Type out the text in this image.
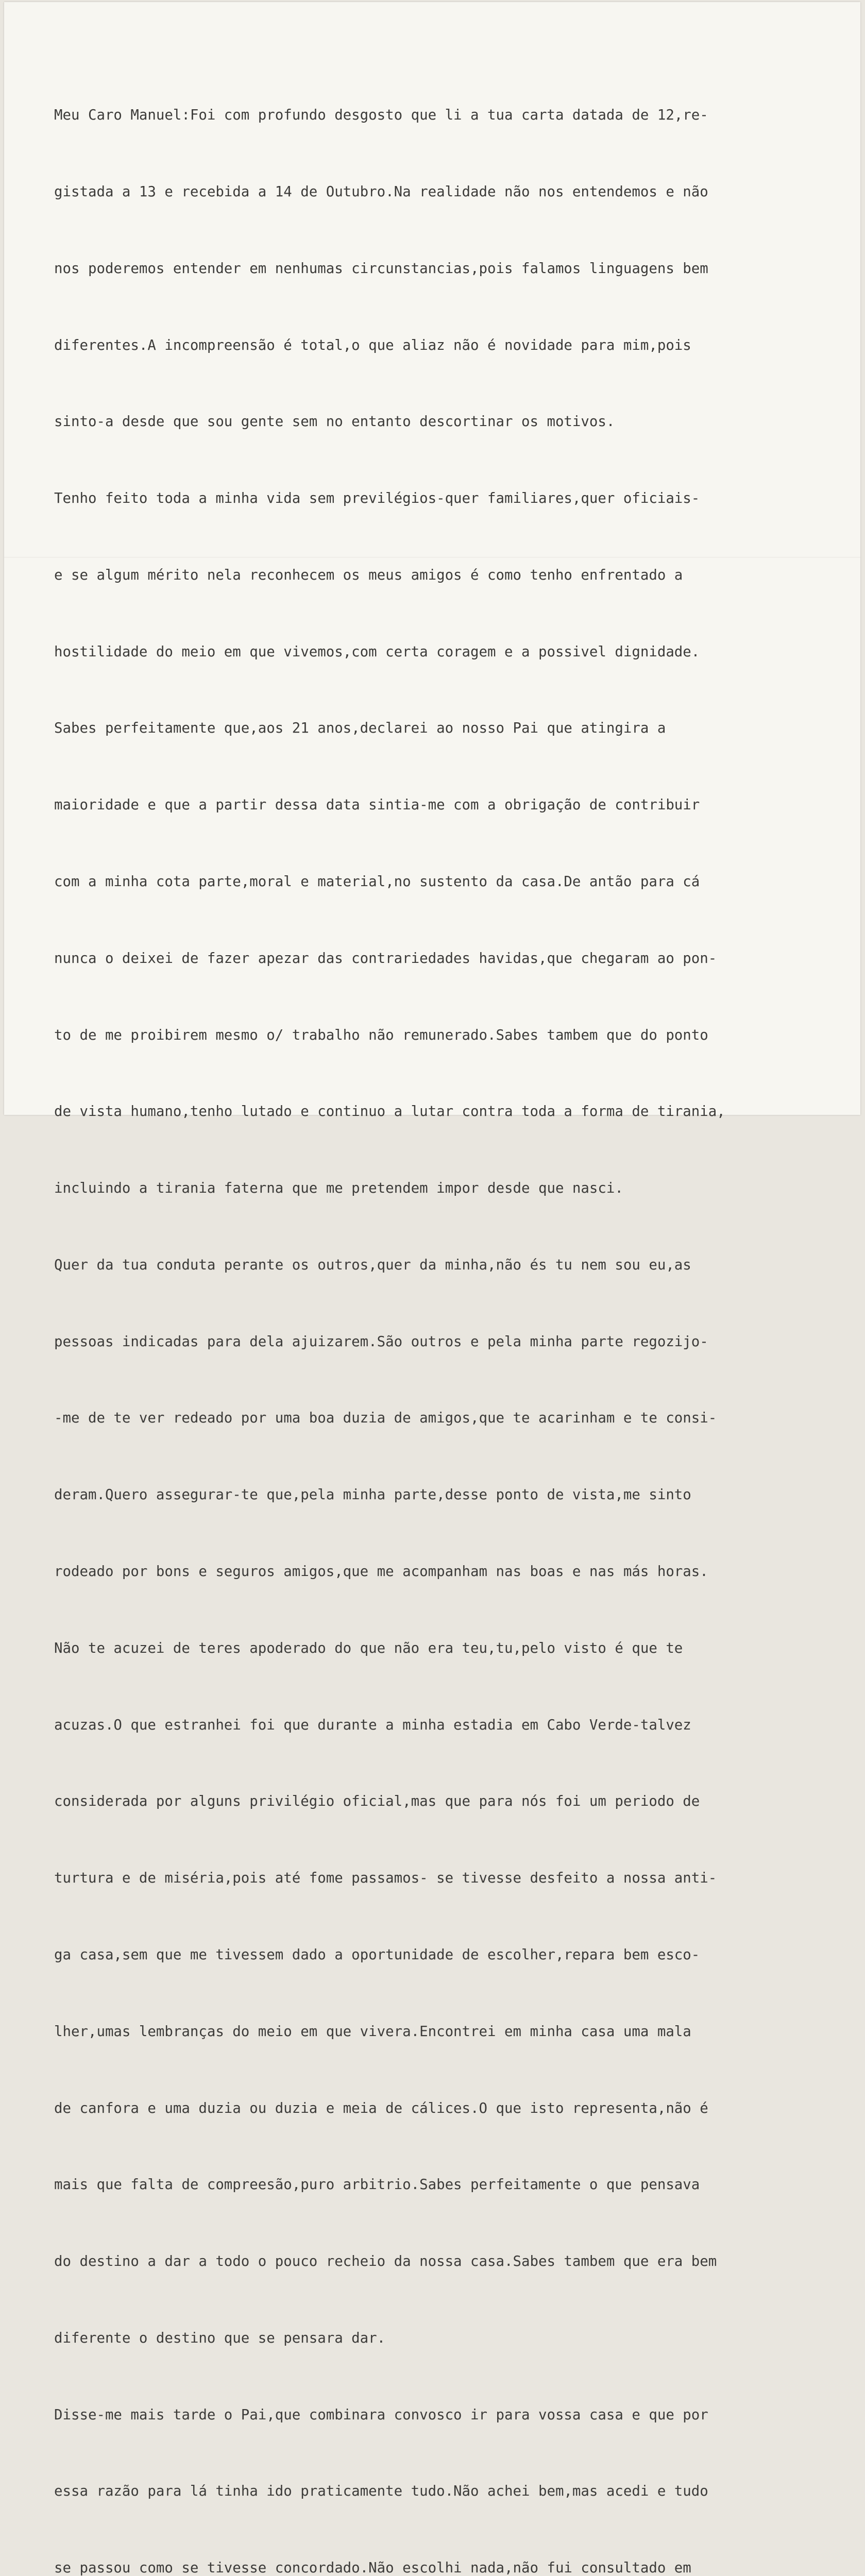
Meu Caro Manuel:Foi com profundo desgosto que li a tua carta datada de 12,re-

gistada a 13 e recebida a 14 de Outubro.Na realidade não nos entendemos e não

nos poderemos entender em nenhumas circunstancias,pois falamos linguagens bem

diferentes.A incompreensão é total,o que aliaz não é novidade para mim,pois

sinto-a desde que sou gente sem no entanto descortinar os motivos.

Tenho feito toda a minha vida sem previlégios-quer familiares,quer oficiais-

e se algum mérito nela reconhecem os meus amigos é como tenho enfrentado a

hostilidade do meio em que vivemos,com certa coragem e a possivel dignidade.

Sabes perfeitamente que,aos 21 anos,declarei ao nosso Pai que atingira a

maioridade e que a partir dessa data sintia-me com a obrigação de contribuir

com a minha cota parte,moral e material,no sustento da casa.De antão para cá

nunca o deixei de fazer apezar das contrariedades havidas,que chegaram ao pon-

to de me proibirem mesmo o/ trabalho não remunerado.Sabes tambem que do ponto

de vista humano,tenho lutado e continuo a lutar contra toda a forma de tirania,

incluindo a tirania faterna que me pretendem impor desde que nasci.

Quer da tua conduta perante os outros,quer da minha,não és tu nem sou eu,as

pessoas indicadas para dela ajuizarem.São outros e pela minha parte regozijo-

-me de te ver redeado por uma boa duzia de amigos,que te acarinham e te consi-

deram.Quero assegurar-te que,pela minha parte,desse ponto de vista,me sinto

rodeado por bons e seguros amigos,que me acompanham nas boas e nas más horas.

Não te acuzei de teres apoderado do que não era teu,tu,pelo visto é que te

acuzas.O que estranhei foi que durante a minha estadia em Cabo Verde-talvez

considerada por alguns privilégio oficial,mas que para nós foi um periodo de

turtura e de miséria,pois até fome passamos- se tivesse desfeito a nossa anti-

ga casa,sem que me tivessem dado a oportunidade de escolher,repara bem esco-

lher,umas lembranças do meio em que vivera.Encontrei em minha casa uma mala

de canfora e uma duzia ou duzia e meia de cálices.O que isto representa,não é

mais que falta de compreesão,puro arbitrio.Sabes perfeitamente o que pensava

do destino a dar a todo o pouco recheio da nossa casa.Sabes tambem que era bem

diferente o destino que se pensara dar.

Disse-me mais tarde o Pai,que combinara convosco ir para vossa casa e que por

essa razão para lá tinha ido praticamente tudo.Não achei bem,mas acedi e tudo

se passou como se tivesse concordado.Não escolhi nada,não fui consultado em
